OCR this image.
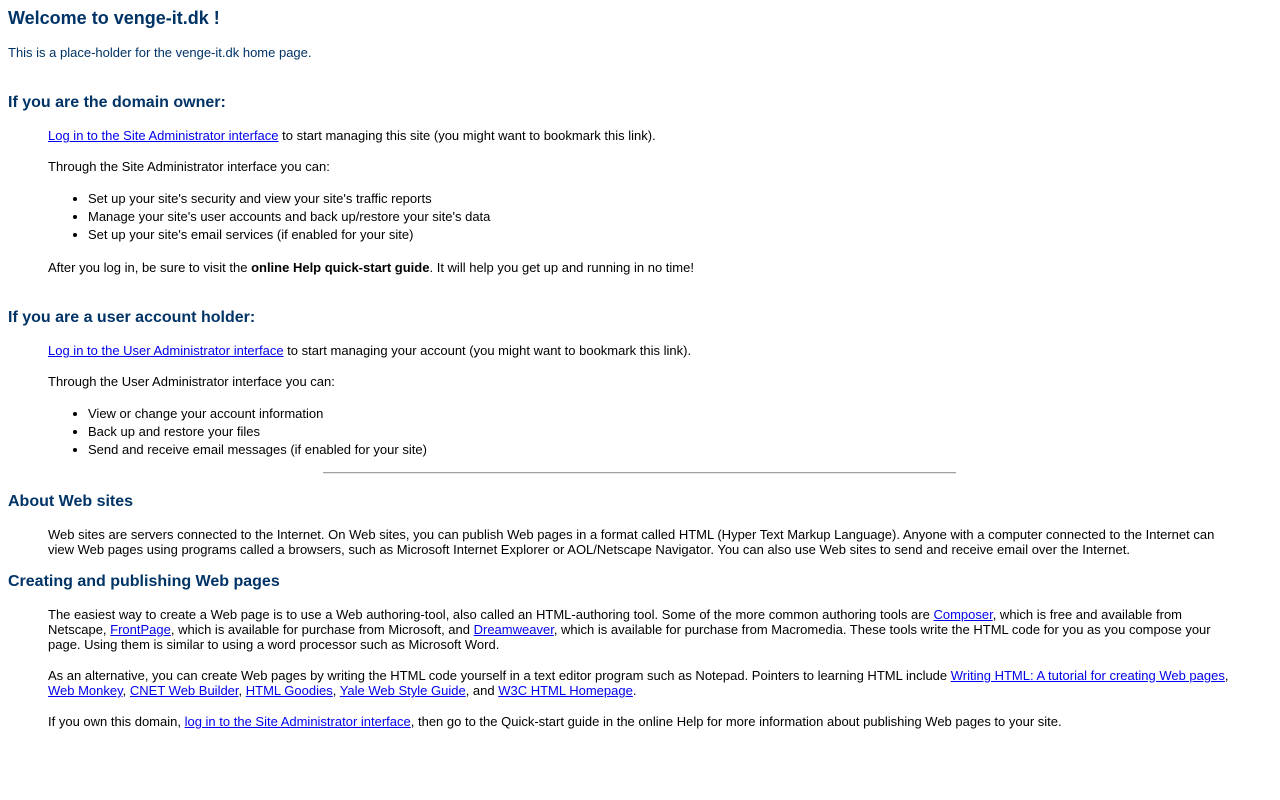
Welcome to venge-it.dk !

This is a place-holder for the venge-it.dk home page.

If you are the domain owner:

Log in to the Site Administrator interface to start managing this site (you might want to bookmark this link).

Through the Site Administrator interface you can:

• Set up your site's security and view your site's traffic reports
• Manage your site's user accounts and back up/restore your site's data
• Set up your site's email services (if enabled for your site)

After you log in, be sure to visit the online Help quick-start guide. It will help you get up and running in no time!

If you are a user account holder:

Log in to the User Administrator interface to start managing your account (you might want to bookmark this link).

Through the User Administrator interface you can:

• View or change your account information
• Back up and restore your files
• Send and receive email messages (if enabled for your site)
About Web sites

Web sites are servers connected to the Internet. On Web sites, you can publish Web pages in a format called HTML (Hyper Text Markup Language). Anyone with a computer connected to the Internet can view Web pages using programs called a browsers, such as Microsoft Internet Explorer or AOL/Netscape Navigator. You can also use Web sites to send and receive email over the Internet.

Creating and publishing Web pages

The easiest way to create a Web page is to use a Web authoring-tool, also called an HTML-authoring tool. Some of the more common authoring tools are Composer, which is free and available from Netscape, FrontPage, which is available for purchase from Microsoft, and Dreamweaver, which is available for purchase from Macromedia. These tools write the HTML code for you as you compose your page. Using them is similar to using a word processor such as Microsoft Word.

As an alternative, you can create Web pages by writing the HTML code yourself in a text editor program such as Notepad. Pointers to learning HTML include Writing HTML: A tutorial for creating Web pages, Web Monkey, CNET Web Builder, HTML Goodies, Yale Web Style Guide, and W3C HTML Homepage.

If you own this domain, log in to the Site Administrator interface, then go to the Quick-start guide in the online Help for more information about publishing Web pages to your site.
